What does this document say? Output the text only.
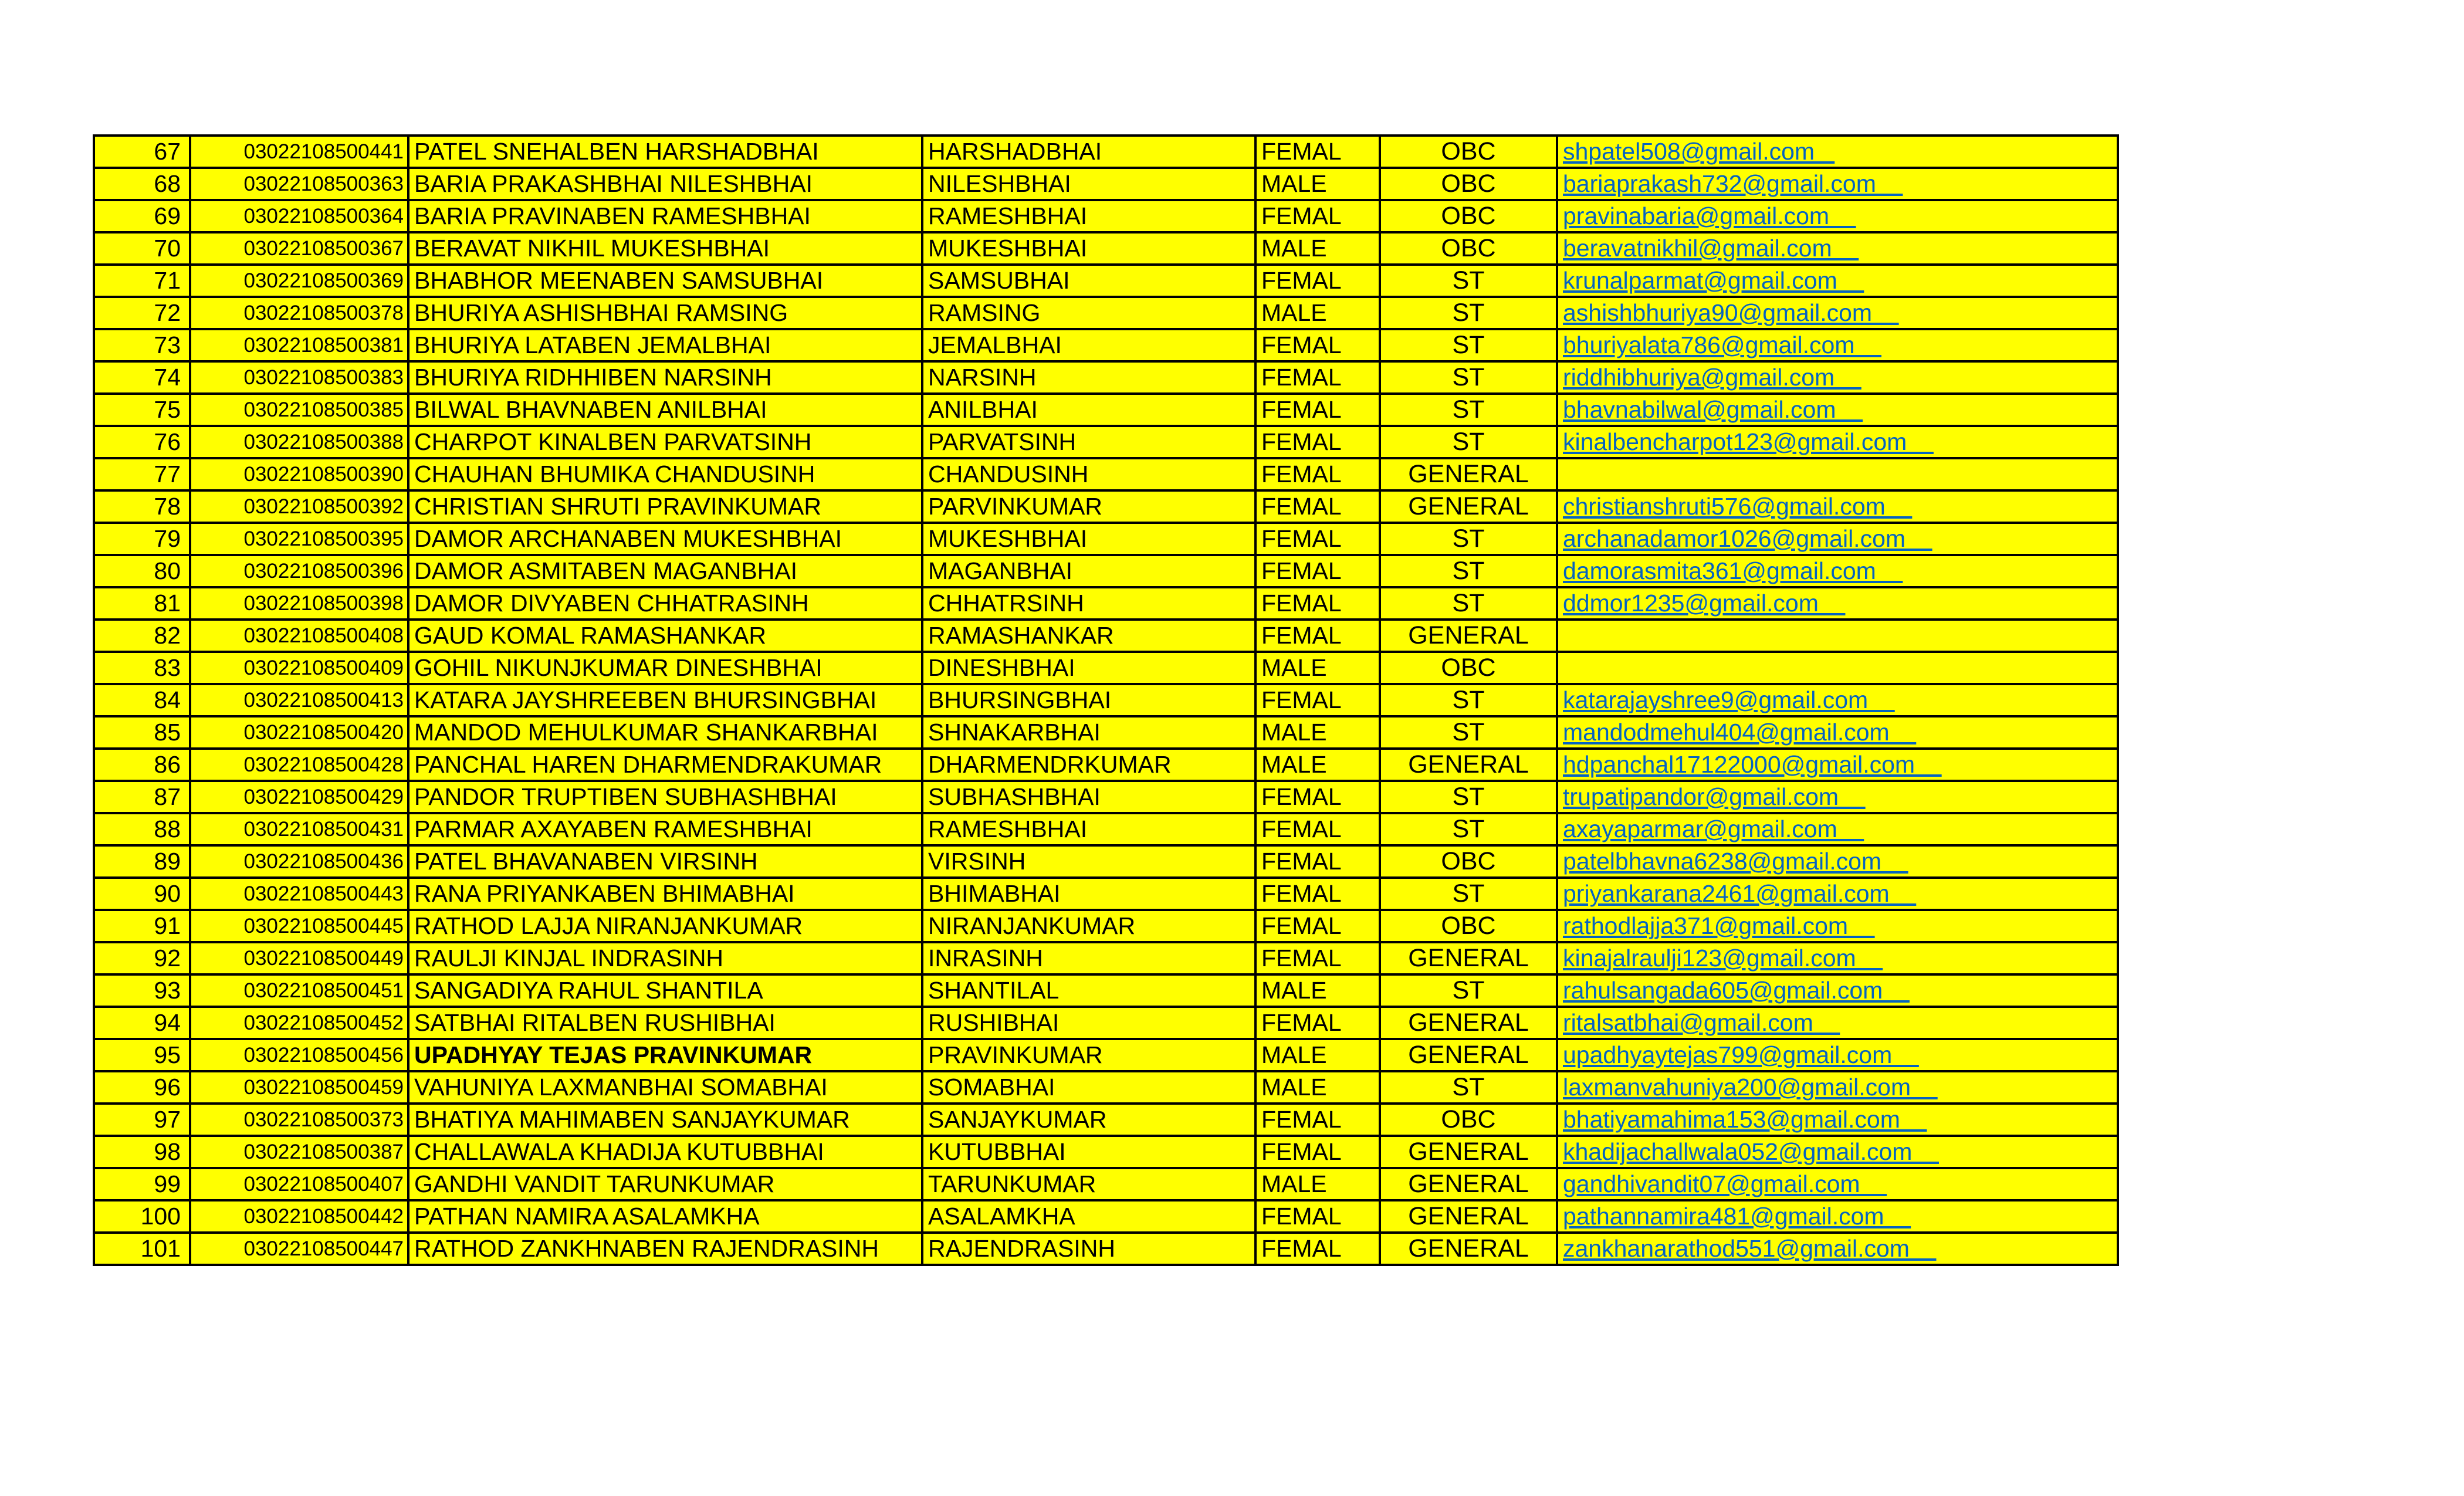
67	03022108500441	PATEL SNEHALBEN HARSHADBHAI	HARSHADBHAI	FEMAL	OBC	shpatel508@gmail.com
68	03022108500363	BARIA PRAKASHBHAI NILESHBHAI	NILESHBHAI	MALE	OBC	bariaprakash732@gmail.com
69	03022108500364	BARIA PRAVINABEN RAMESHBHAI	RAMESHBHAI	FEMAL	OBC	pravinabaria@gmail.com
70	03022108500367	BERAVAT NIKHIL MUKESHBHAI	MUKESHBHAI	MALE	OBC	beravatnikhil@gmail.com
71	03022108500369	BHABHOR MEENABEN SAMSUBHAI	SAMSUBHAI	FEMAL	ST	krunalparmat@gmail.com
72	03022108500378	BHURIYA ASHISHBHAI RAMSING	RAMSING	MALE	ST	ashishbhuriya90@gmail.com
73	03022108500381	BHURIYA LATABEN JEMALBHAI	JEMALBHAI	FEMAL	ST	bhuriyalata786@gmail.com
74	03022108500383	BHURIYA RIDHHIBEN NARSINH	NARSINH	FEMAL	ST	riddhibhuriya@gmail.com
75	03022108500385	BILWAL BHAVNABEN ANILBHAI	ANILBHAI	FEMAL	ST	bhavnabilwal@gmail.com
76	03022108500388	CHARPOT KINALBEN PARVATSINH	PARVATSINH	FEMAL	ST	kinalbencharpot123@gmail.com
77	03022108500390	CHAUHAN BHUMIKA CHANDUSINH	CHANDUSINH	FEMAL	GENERAL	
78	03022108500392	CHRISTIAN SHRUTI PRAVINKUMAR	PARVINKUMAR	FEMAL	GENERAL	christianshruti576@gmail.com
79	03022108500395	DAMOR ARCHANABEN MUKESHBHAI	MUKESHBHAI	FEMAL	ST	archanadamor1026@gmail.com
80	03022108500396	DAMOR ASMITABEN MAGANBHAI	MAGANBHAI	FEMAL	ST	damorasmita361@gmail.com
81	03022108500398	DAMOR DIVYABEN CHHATRASINH	CHHATRSINH	FEMAL	ST	ddmor1235@gmail.com
82	03022108500408	GAUD KOMAL RAMASHANKAR	RAMASHANKAR	FEMAL	GENERAL	
83	03022108500409	GOHIL NIKUNJKUMAR DINESHBHAI	DINESHBHAI	MALE	OBC	
84	03022108500413	KATARA JAYSHREEBEN BHURSINGBHAI	BHURSINGBHAI	FEMAL	ST	katarajayshree9@gmail.com
85	03022108500420	MANDOD MEHULKUMAR SHANKARBHAI	SHNAKARBHAI	MALE	ST	mandodmehul404@gmail.com
86	03022108500428	PANCHAL HAREN DHARMENDRAKUMAR	DHARMENDRKUMAR	MALE	GENERAL	hdpanchal17122000@gmail.com
87	03022108500429	PANDOR TRUPTIBEN SUBHASHBHAI	SUBHASHBHAI	FEMAL	ST	trupatipandor@gmail.com
88	03022108500431	PARMAR AXAYABEN RAMESHBHAI	RAMESHBHAI	FEMAL	ST	axayaparmar@gmail.com
89	03022108500436	PATEL BHAVANABEN VIRSINH	VIRSINH	FEMAL	OBC	patelbhavna6238@gmail.com
90	03022108500443	RANA PRIYANKABEN BHIMABHAI	BHIMABHAI	FEMAL	ST	priyankarana2461@gmail.com
91	03022108500445	RATHOD LAJJA NIRANJANKUMAR	NIRANJANKUMAR	FEMAL	OBC	rathodlajja371@gmail.com
92	03022108500449	RAULJI KINJAL INDRASINH	INRASINH	FEMAL	GENERAL	kinajalraulji123@gmail.com
93	03022108500451	SANGADIYA RAHUL SHANTILA	SHANTILAL	MALE	ST	rahulsangada605@gmail.com
94	03022108500452	SATBHAI RITALBEN RUSHIBHAI	RUSHIBHAI	FEMAL	GENERAL	ritalsatbhai@gmail.com
95	03022108500456	UPADHYAY TEJAS PRAVINKUMAR	PRAVINKUMAR	MALE	GENERAL	upadhyaytejas799@gmail.com
96	03022108500459	VAHUNIYA LAXMANBHAI SOMABHAI	SOMABHAI	MALE	ST	laxmanvahuniya200@gmail.com
97	03022108500373	BHATIYA MAHIMABEN SANJAYKUMAR	SANJAYKUMAR	FEMAL	OBC	bhatiyamahima153@gmail.com
98	03022108500387	CHALLAWALA KHADIJA KUTUBBHAI	KUTUBBHAI	FEMAL	GENERAL	khadijachallwala052@gmail.com
99	03022108500407	GANDHI VANDIT TARUNKUMAR	TARUNKUMAR	MALE	GENERAL	gandhivandit07@gmail.com
100	03022108500442	PATHAN NAMIRA ASALAMKHA	ASALAMKHA	FEMAL	GENERAL	pathannamira481@gmail.com
101	03022108500447	RATHOD ZANKHNABEN RAJENDRASINH	RAJENDRASINH	FEMAL	GENERAL	zankhanarathod551@gmail.com
